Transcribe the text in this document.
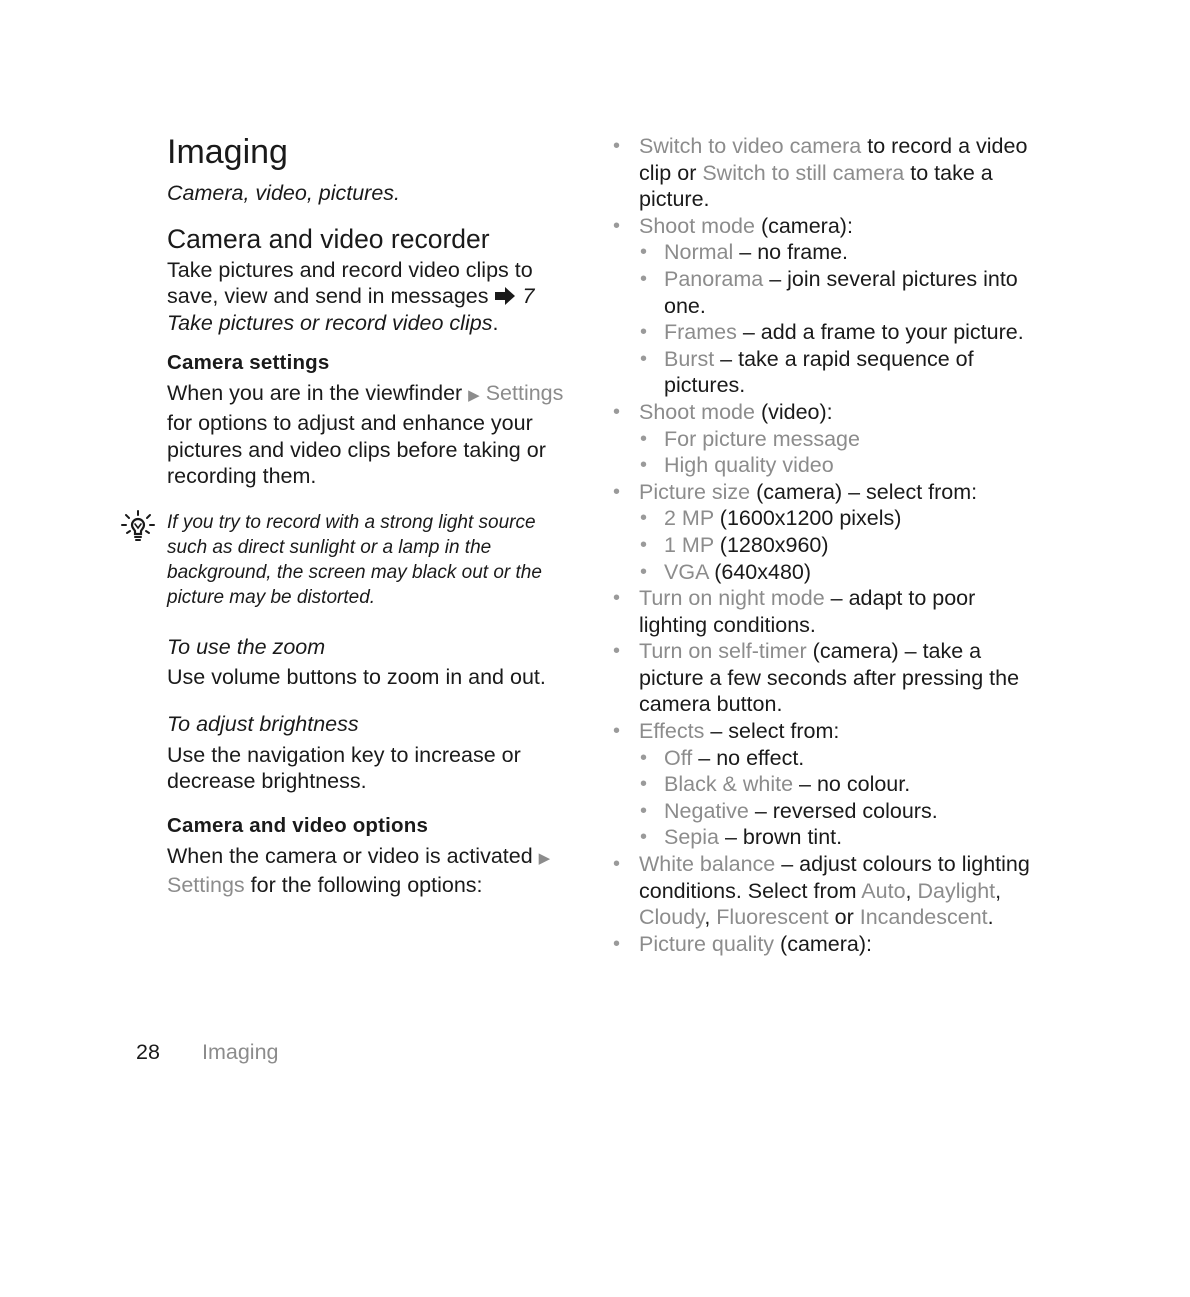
Imaging

Camera, video, pictures.

Camera and video recorder

Take pictures and record video clips to save, view and send in messages 7 Take pictures or record video clips.

Camera settings

When you are in the viewfinder ▶ Settings for options to adjust and enhance your pictures and video clips before taking or recording them.

If you try to record with a strong light source such as direct sunlight or a lamp in the background, the screen may black out or the picture may be distorted.

To use the zoom

Use volume buttons to zoom in and out.

To adjust brightness

Use the navigation key to increase or decrease brightness.

Camera and video options

When the camera or video is activated ▶ Settings for the following options:

• Switch to video camera to record a video clip or Switch to still camera to take a picture.
• Shoot mode (camera):
• Normal – no frame.
• Panorama – join several pictures into one.
• Frames – add a frame to your picture.
• Burst – take a rapid sequence of pictures.
• Shoot mode (video):
• For picture message
• High quality video
• Picture size (camera) – select from:
• 2 MP (1600x1200 pixels)
• 1 MP (1280x960)
• VGA (640x480)
• Turn on night mode – adapt to poor lighting conditions.
• Turn on self-timer (camera) – take a picture a few seconds after pressing the camera button.
• Effects – select from:
• Off – no effect.
• Black & white – no colour.
• Negative – reversed colours.
• Sepia – brown tint.
• White balance – adjust colours to lighting conditions. Select from Auto, Daylight, Cloudy, Fluorescent or Incandescent.
• Picture quality (camera):
28 Imaging
